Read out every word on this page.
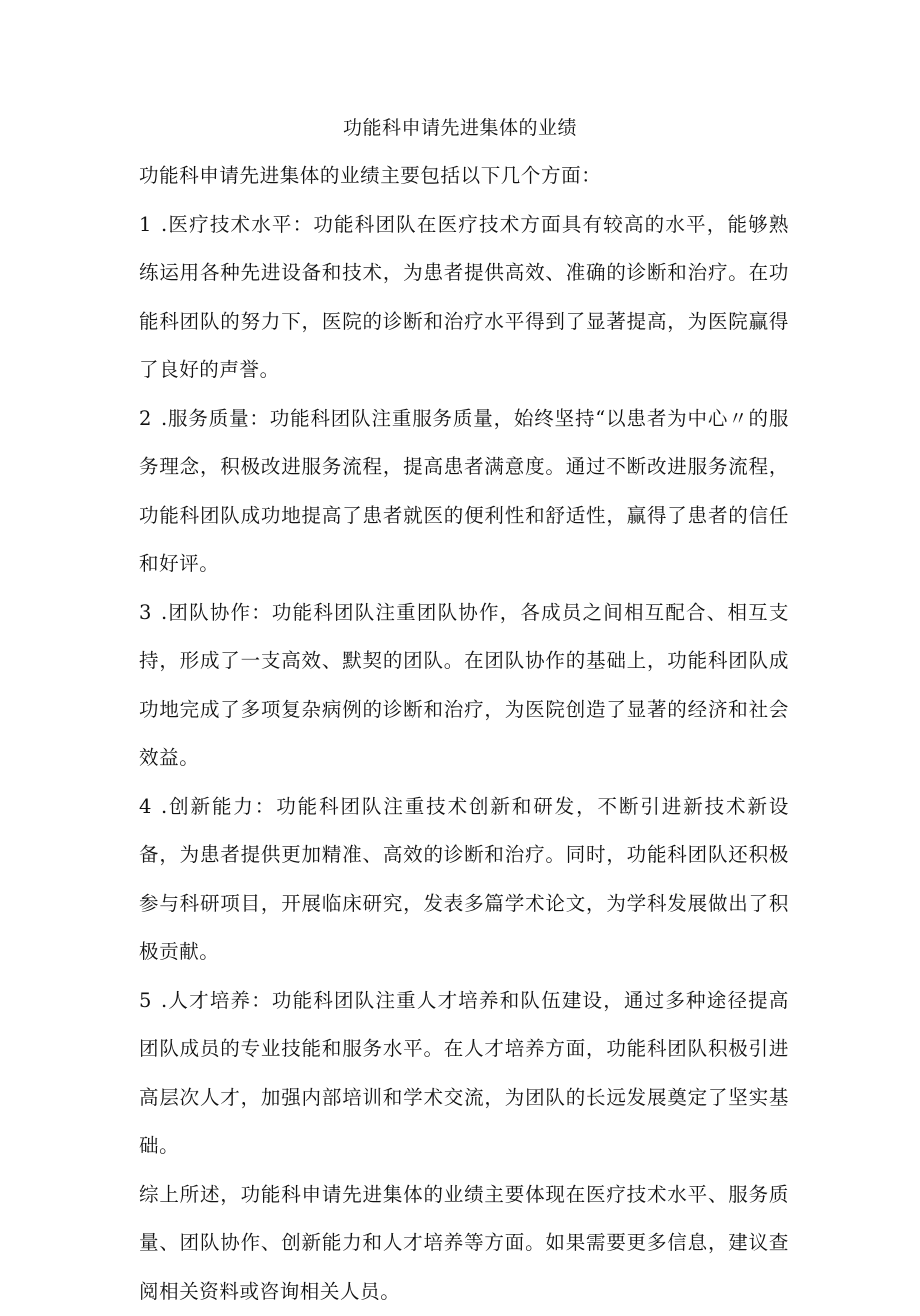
功能科申请先进集体的业绩

功能科申请先进集体的业绩主要包括以下几个方面：

1 .医疗技术水平：功能科团队在医疗技术方面具有较高的水平，能够熟练运用各种先进设备和技术，为患者提供高效、准确的诊断和治疗。在功能科团队的努力下，医院的诊断和治疗水平得到了显著提高，为医院赢得了良好的声誉。

2 .服务质量：功能科团队注重服务质量，始终坚持“以患者为中心〃的服务理念，积极改进服务流程，提高患者满意度。通过不断改进服务流程，功能科团队成功地提高了患者就医的便利性和舒适性，赢得了患者的信任和好评。

3 .团队协作：功能科团队注重团队协作，各成员之间相互配合、相互支持，形成了一支高效、默契的团队。在团队协作的基础上，功能科团队成功地完成了多项复杂病例的诊断和治疗，为医院创造了显著的经济和社会效益。

4 .创新能力：功能科团队注重技术创新和研发，不断引进新技术新设备，为患者提供更加精准、高效的诊断和治疗。同时，功能科团队还积极参与科研项目，开展临床研究，发表多篇学术论文，为学科发展做出了积极贡献。

5 .人才培养：功能科团队注重人才培养和队伍建设，通过多种途径提高团队成员的专业技能和服务水平。在人才培养方面，功能科团队积极引进高层次人才，加强内部培训和学术交流，为团队的长远发展奠定了坚实基础。

综上所述，功能科申请先进集体的业绩主要体现在医疗技术水平、服务质量、团队协作、创新能力和人才培养等方面。如果需要更多信息，建议查阅相关资料或咨询相关人员。
